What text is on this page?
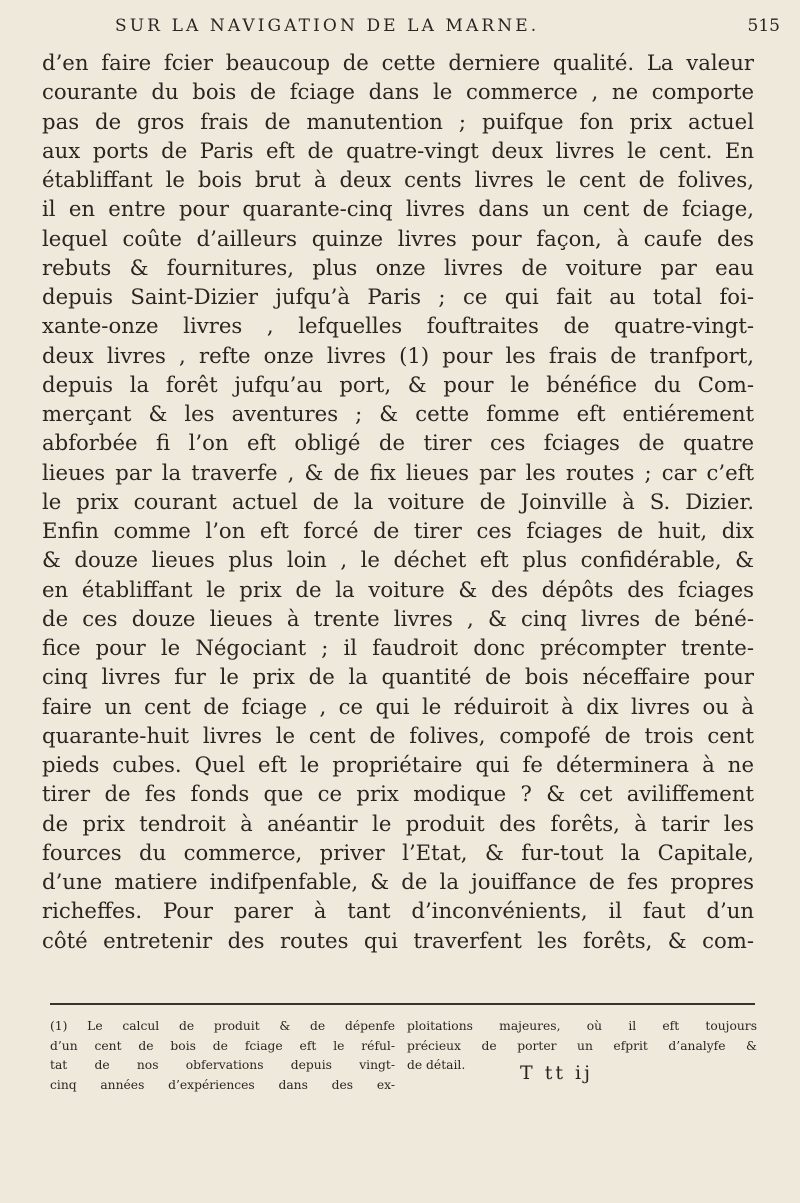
SUR LA NAVIGATION DE LA MARNE.	515
d’en faire fcier beaucoup de cette derniere qualité. La valeur
courante du bois de fciage dans le commerce , ne comporte
pas de gros frais de manutention ; puifque fon prix actuel
aux ports de Paris eft de quatre-vingt deux livres le cent. En
établiffant le bois brut à deux cents livres le cent de folives,
il en entre pour quarante-cinq livres dans un cent de fciage,
lequel coûte d’ailleurs quinze livres pour façon, à caufe des
rebuts & fournitures, plus onze livres de voiture par eau
depuis Saint-Dizier jufqu’à Paris ; ce qui fait au total foi-
xante-onze livres , lefquelles fouftraites de quatre-vingt-
deux livres , refte onze livres (1) pour les frais de tranfport,
depuis la forêt jufqu’au port, & pour le bénéfice du Com-
merçant & les aventures ; & cette fomme eft entiérement
abforbée fi l’on eft obligé de tirer ces fciages de quatre
lieues par la traverfe , & de fix lieues par les routes ; car c’eft
le prix courant actuel de la voiture de Joinville à S. Dizier.
Enfin comme l’on eft forcé de tirer ces fciages de huit, dix
& douze lieues plus loin , le déchet eft plus confidérable, &
en établiffant le prix de la voiture & des dépôts des fciages
de ces douze lieues à trente livres , & cinq livres de béné-
fice pour le Négociant ; il faudroit donc précompter trente-
cinq livres fur le prix de la quantité de bois néceffaire pour
faire un cent de fciage , ce qui le réduiroit à dix livres ou à
quarante-huit livres le cent de folives, compofé de trois cent
pieds cubes. Quel eft le propriétaire qui fe déterminera à ne
tirer de fes fonds que ce prix modique ? & cet aviliffement
de prix tendroit à anéantir le produit des forêts, à tarir les
fources du commerce, priver l’Etat, & fur-tout la Capitale,
d’une matiere indifpenfable, & de la jouiffance de fes propres
richeffes. Pour parer à tant d’inconvénients, il faut d’un
côté entretenir des routes qui traverfent les forêts, & com-
(1) Le calcul de produit & de dépenfe
d’un cent de bois de fciage eft le réful-
tat de nos obfervations depuis vingt-
cinq années d’expériences dans des ex-
ploitations majeures, où il eft toujours
précieux de porter un efprit d’analyfe &
de détail.	T tt ij
